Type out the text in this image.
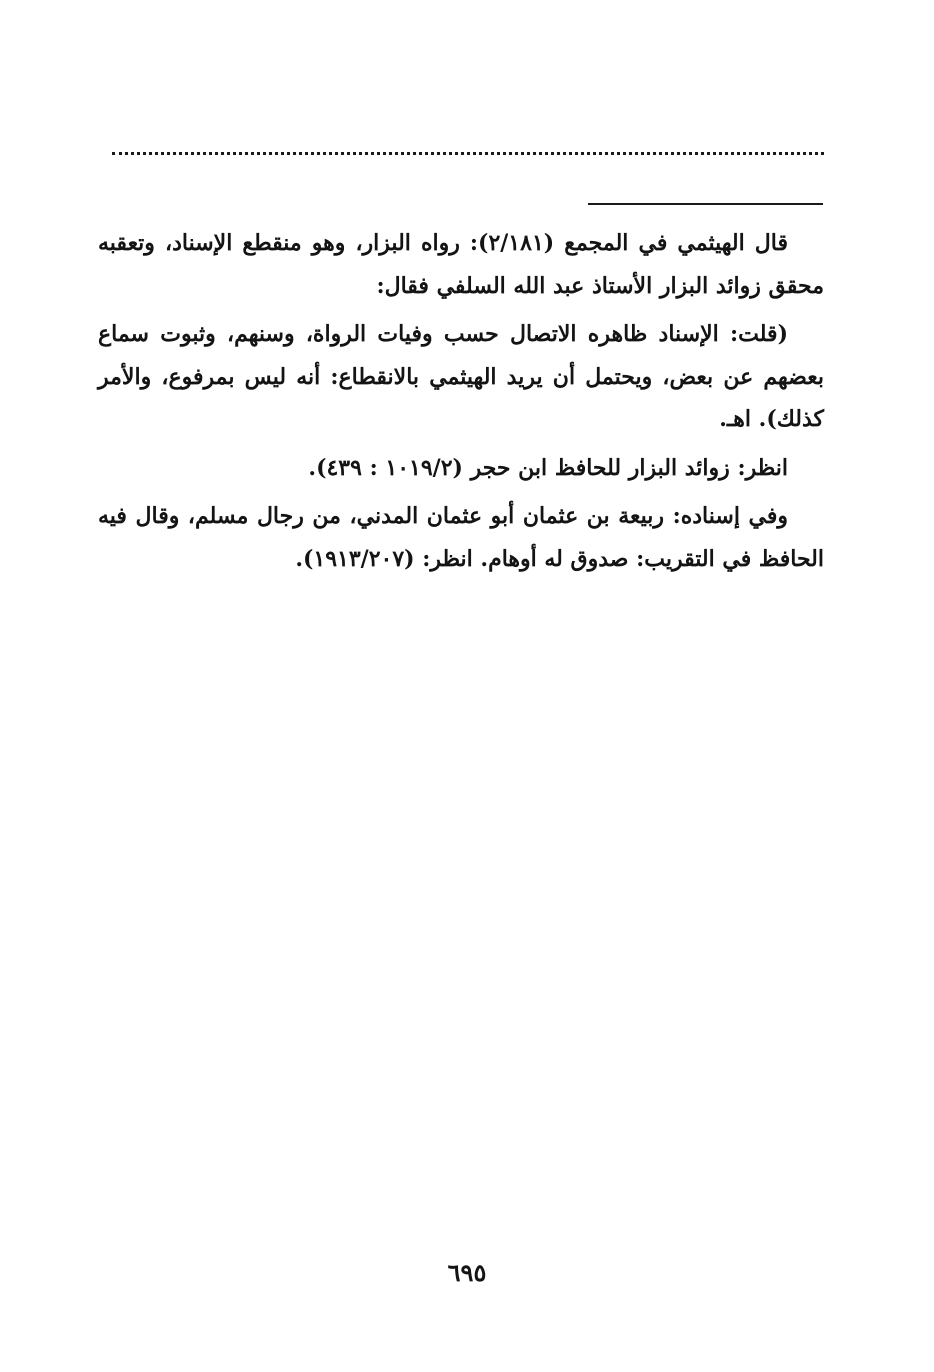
قال الهيثمي في المجمع (٢/١٨١): رواه البزار، وهو منقطع الإسناد، وتعقبه محقق زوائد البزار الأستاذ عبد الله السلفي فقال:

(قلت: الإسناد ظاهره الاتصال حسب وفيات الرواة، وسنهم، وثبوت سماع بعضهم عن بعض، ويحتمل أن يريد الهيثمي بالانقطاع: أنه ليس بمرفوع، والأمر كذلك). اهـ.

انظر: زوائد البزار للحافظ ابن حجر (١٠١٩/٢ : ٤٣٩).

وفي إسناده: ربيعة بن عثمان أبو عثمان المدني، من رجال مسلم، وقال فيه الحافظ في التقريب: صدوق له أوهام. انظر: (١٩١٣/٢٠٧).

٦٩٥
